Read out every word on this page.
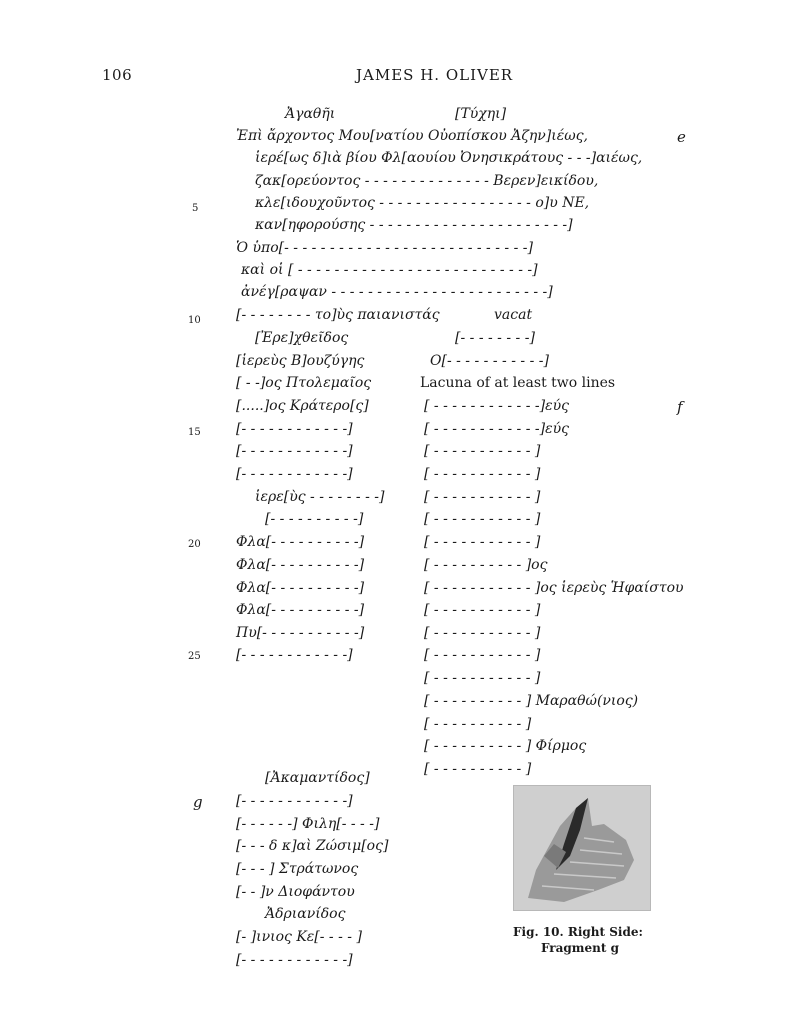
106	JAMES H. OLIVER
e
f
g
5
10
15
20
25
Ἀγαθῆι	[Τύχηι]
Ἐπὶ ἄρχοντος Μου[νατίου Οὐοπίσκου Ἀζην]ιέως,
ἱερέ[ως δ]ιὰ βίου Φλ[αουίου Ὀνησικράτους - - -]αιέως,
ζακ[ορεύοντος - - - - - - - - - - - - - - Βερεν]εικίδου,
κλε[ιδουχοῦντος - - - - - - - - - - - - - - - - - ο]υ ΝΕ,
καν[ηφορούσης - - - - - - - - - - - - - - - - - - - - - -]
Ὁ ὑπο[- - - - - - - - - - - - - - - - - - - - - - - - - - -]
καὶ οἱ [ - - - - - - - - - - - - - - - - - - - - - - - - - -]
ἀνέγ[ραψαν - - - - - - - - - - - - - - - - - - - - - - - -]
[- - - - - - - - το]ὺς παιανιστάς	vacat
[Ἐρε]χθεῖδος
[ἱερεὺς Β]ουζύγης
[ - -]ος Πτολεμαῖος
[.....]ος Κράτερο[ς]
[- - - - - - - - - - - -]
[- - - - - - - - - - - -]
[- - - - - - - - - - - -]
ἱερε[ὺς - - - - - - - -]
[- - - - - - - - - -]
Φλα[- - - - - - - - - -]
Φλα[- - - - - - - - - -]
Φλα[- - - - - - - - - -]
Φλα[- - - - - - - - - -]
Πυ[- - - - - - - - - - -]
[- - - - - - - - - - - -]
[- - - - - - - -]
Ο[- - - - - - - - - - -]
Lacuna of at least two lines
[ - - - - - - - - - - - -]εύς
[ - - - - - - - - - - - -]εύς
[ - - - - - - - - - - - ]
[ - - - - - - - - - - - ]
[ - - - - - - - - - - - ]
[ - - - - - - - - - - - ]
[ - - - - - - - - - - - ]
[ - - - - - - - - - - ]ος
[ - - - - - - - - - - - ]ος ἱερεὺς Ἡφαίστου
[ - - - - - - - - - - - ]
[ - - - - - - - - - - - ]
[ - - - - - - - - - - - ]
[ - - - - - - - - - - - ]
[ - - - - - - - - - - ] Μαραθώ(νιος)
[ - - - - - - - - - - ]
[ - - - - - - - - - - ] Φίρμος
[ - - - - - - - - - - ]
[Ἀκαμαντίδος]
[- - - - - - - - - - - -]
[- - - - - -] Φιλη[- - - -]
[- - - δ κ]αὶ Ζώσιμ[ος]
[- - - ] Στράτωνος
[- - ]ν Διοφάντου
Ἀδριανίδος
[- ]ινιος Κε[- - - - ]
[- - - - - - - - - - - -]
Fig. 10. Right Side:
Fragment g
